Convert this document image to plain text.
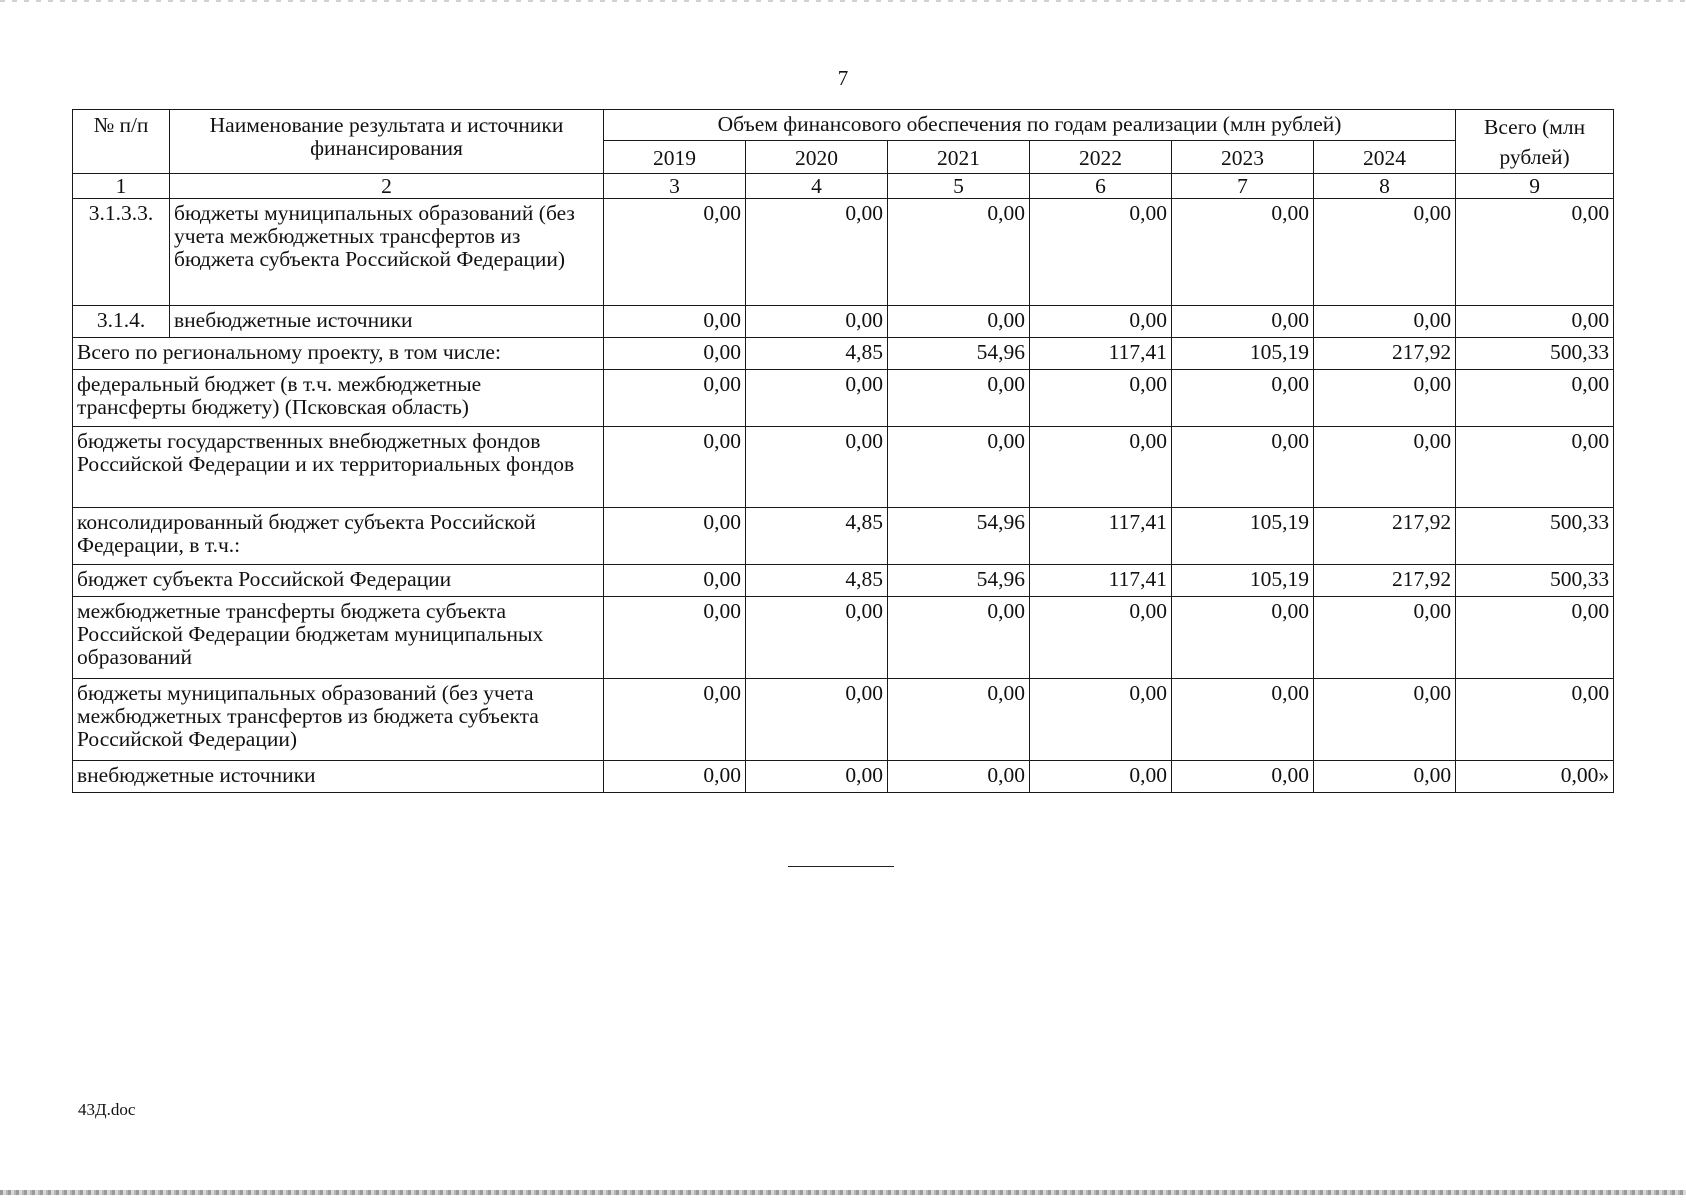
7
№ п/п	Наименование результата и источники финансирования	Объем финансового обеспечения по годам реализации (млн рублей)						Всего (млн рублей)
		2019	2020	2021	2022	2023	2024	
1	2	3	4	5	6	7	8	9
3.1.3.3.	бюджеты муниципальных образований (без учета межбюджетных трансфертов из бюджета субъекта Российской Федерации)	0,00	0,00	0,00	0,00	0,00	0,00	0,00
3.1.4.	внебюджетные источники	0,00	0,00	0,00	0,00	0,00	0,00	0,00
Всего по региональному проекту, в том числе:		0,00	4,85	54,96	117,41	105,19	217,92	500,33
федеральный бюджет (в т.ч. межбюджетные трансферты бюджету) (Псковская область)		0,00	0,00	0,00	0,00	0,00	0,00	0,00
бюджеты государственных внебюджетных фондов Российской Федерации и их территориальных фондов		0,00	0,00	0,00	0,00	0,00	0,00	0,00
консолидированный бюджет субъекта Российской Федерации, в т.ч.:		0,00	4,85	54,96	117,41	105,19	217,92	500,33
бюджет субъекта Российской Федерации		0,00	4,85	54,96	117,41	105,19	217,92	500,33
межбюджетные трансферты бюджета субъекта Российской Федерации бюджетам муниципальных образований		0,00	0,00	0,00	0,00	0,00	0,00	0,00
бюджеты муниципальных образований (без учета межбюджетных трансфертов из бюджета субъекта Российской Федерации)		0,00	0,00	0,00	0,00	0,00	0,00	0,00
внебюджетные источники		0,00	0,00	0,00	0,00	0,00	0,00	0,00»
43Д.doc
